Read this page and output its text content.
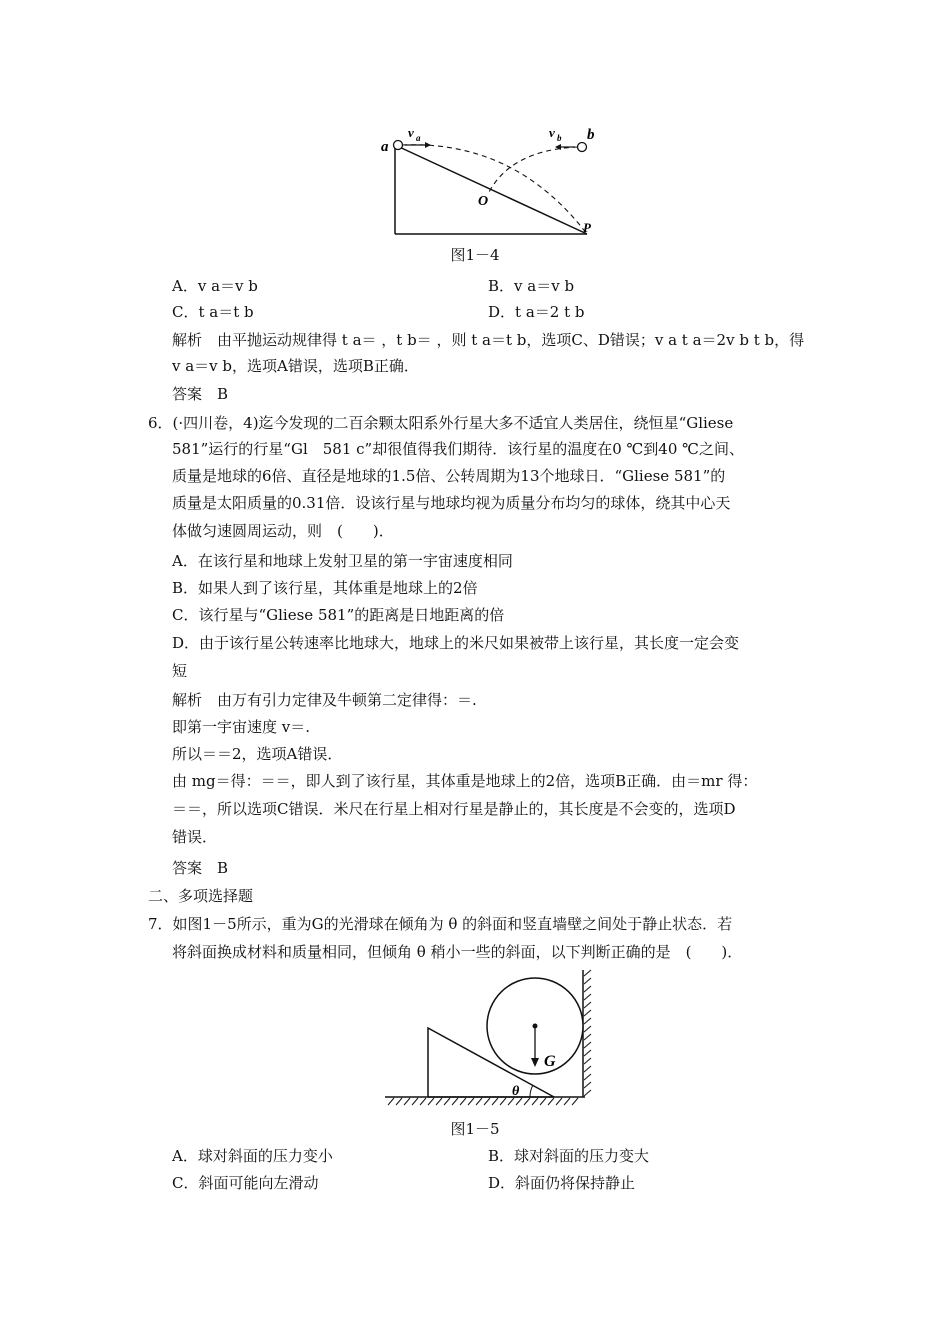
a
b
O
P
v a	v b
图1－4
A．v a＝v b	B．v a＝v b
C．t a＝t b	D．t a＝2 t b
解析　由平抛运动规律得 t a＝ ，t b＝ ，则 t a＝t b，选项C、D错误；v a t a＝2v b t b，得
v a＝v b，选项A错误，选项B正确．
答案　B
6．(·四川卷，4)迄今发现的二百余颗太阳系外行星大多不适宜人类居住，绕恒星“Gliese
581”运行的行星“Gl　581 c”却很值得我们期待．该行星的温度在0 ℃到40 ℃之间、
质量是地球的6倍、直径是地球的1.5倍、公转周期为13个地球日．“Gliese 581”的
质量是太阳质量的0.31倍．设该行星与地球均视为质量分布均匀的球体，绕其中心天
体做匀速圆周运动，则　(　　)．
A．在该行星和地球上发射卫星的第一宇宙速度相同
B．如果人到了该行星，其体重是地球上的2倍
C．该行星与“Gliese 581”的距离是日地距离的倍
D．由于该行星公转速率比地球大，地球上的米尺如果被带上该行星，其长度一定会变
短
解析　由万有引力定律及牛顿第二定律得：＝.
即第一宇宙速度 v＝.
所以＝＝2，选项A错误．
由 mg＝得：＝＝，即人到了该行星，其体重是地球上的2倍，选项B正确．由＝mr 得：
＝＝，所以选项C错误．米尺在行星上相对行星是静止的，其长度是不会变的，选项D
错误．
答案　B
二、多项选择题
7．如图1－5所示，重为G的光滑球在倾角为 θ 的斜面和竖直墙壁之间处于静止状态．若
将斜面换成材料和质量相同，但倾角 θ 稍小一些的斜面，以下判断正确的是　(　　)．
G
θ
图1－5
A．球对斜面的压力变小	B．球对斜面的压力变大
C．斜面可能向左滑动	D．斜面仍将保持静止
A．vₐ＝v_b
A．va＝vb
